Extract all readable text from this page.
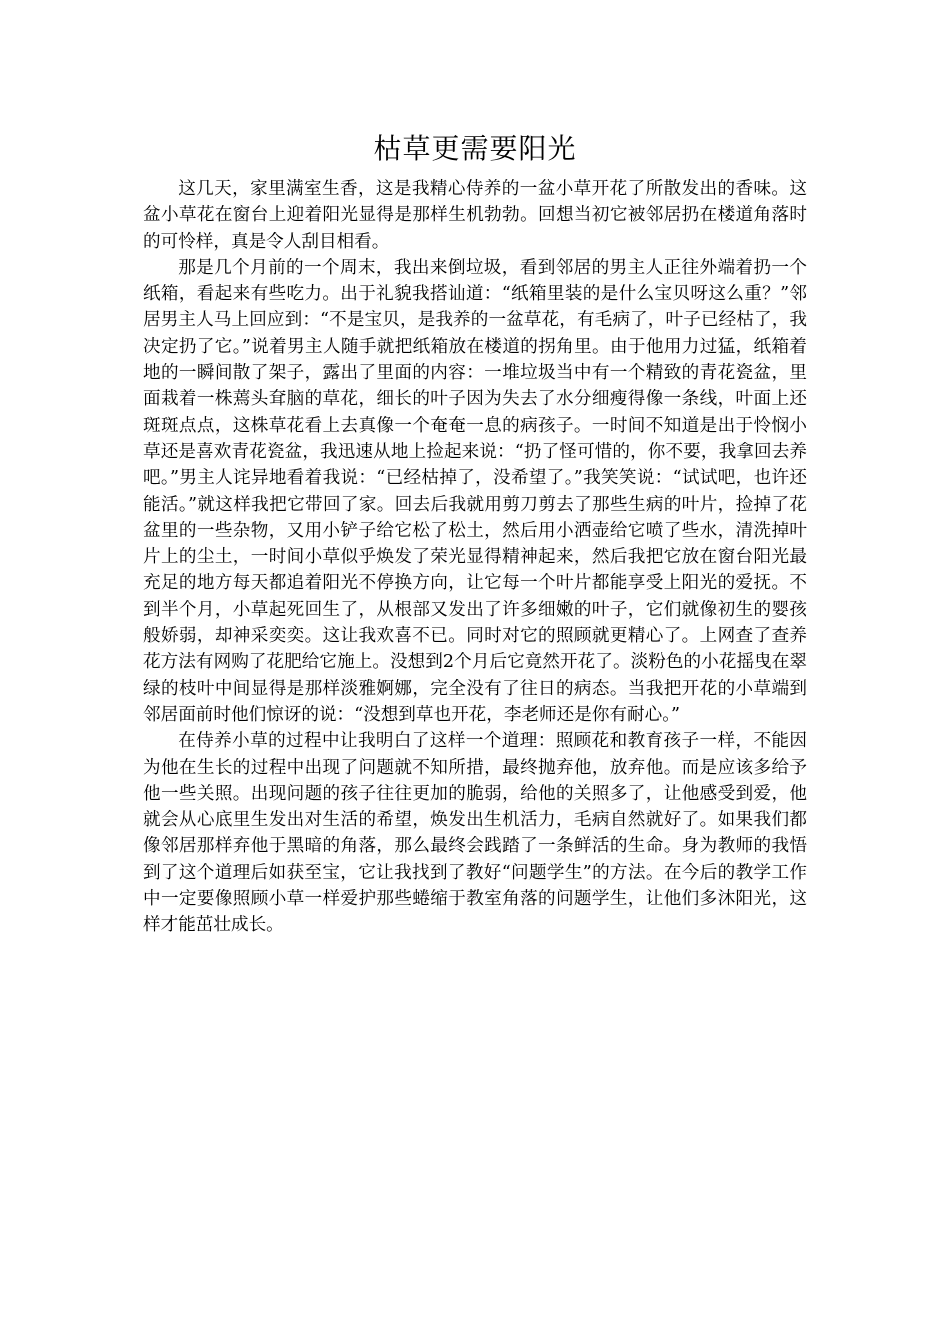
枯草更需要阳光

这几天，家里满室生香，这是我精心侍养的一盆小草开花了所散发出的香味。这盆小草花在窗台上迎着阳光显得是那样生机勃勃。回想当初它被邻居扔在楼道角落时的可怜样，真是令人刮目相看。

那是几个月前的一个周末，我出来倒垃圾，看到邻居的男主人正往外端着扔一个纸箱，看起来有些吃力。出于礼貌我搭讪道：“纸箱里装的是什么宝贝呀这么重？”邻居男主人马上回应到：“不是宝贝，是我养的一盆草花，有毛病了，叶子已经枯了，我决定扔了它。”说着男主人随手就把纸箱放在楼道的拐角里。由于他用力过猛，纸箱着地的一瞬间散了架子，露出了里面的内容：一堆垃圾当中有一个精致的青花瓷盆，里面栽着一株蔫头耷脑的草花，细长的叶子因为失去了水分细瘦得像一条线，叶面上还斑斑点点，这株草花看上去真像一个奄奄一息的病孩子。一时间不知道是出于怜悯小草还是喜欢青花瓷盆，我迅速从地上捡起来说：“扔了怪可惜的，你不要，我拿回去养吧。”男主人诧异地看着我说：“已经枯掉了，没希望了。”我笑笑说：“试试吧，也许还能活。”就这样我把它带回了家。回去后我就用剪刀剪去了那些生病的叶片，捡掉了花盆里的一些杂物，又用小铲子给它松了松土，然后用小洒壶给它喷了些水，清洗掉叶片上的尘土，一时间小草似乎焕发了荣光显得精神起来，然后我把它放在窗台阳光最充足的地方每天都追着阳光不停换方向，让它每一个叶片都能享受上阳光的爱抚。不到半个月，小草起死回生了，从根部又发出了许多细嫩的叶子，它们就像初生的婴孩般娇弱，却神采奕奕。这让我欢喜不已。同时对它的照顾就更精心了。上网查了查养花方法有网购了花肥给它施上。没想到2个月后它竟然开花了。淡粉色的小花摇曳在翠绿的枝叶中间显得是那样淡雅婀娜，完全没有了往日的病态。当我把开花的小草端到邻居面前时他们惊讶的说：“没想到草也开花，李老师还是你有耐心。”

在侍养小草的过程中让我明白了这样一个道理：照顾花和教育孩子一样，不能因为他在生长的过程中出现了问题就不知所措，最终抛弃他，放弃他。而是应该多给予他一些关照。出现问题的孩子往往更加的脆弱，给他的关照多了，让他感受到爱，他就会从心底里生发出对生活的希望，焕发出生机活力，毛病自然就好了。如果我们都像邻居那样弃他于黑暗的角落，那么最终会践踏了一条鲜活的生命。身为教师的我悟到了这个道理后如获至宝，它让我找到了教好“问题学生”的方法。在今后的教学工作中一定要像照顾小草一样爱护那些蜷缩于教室角落的问题学生，让他们多沐阳光，这样才能茁壮成长。
